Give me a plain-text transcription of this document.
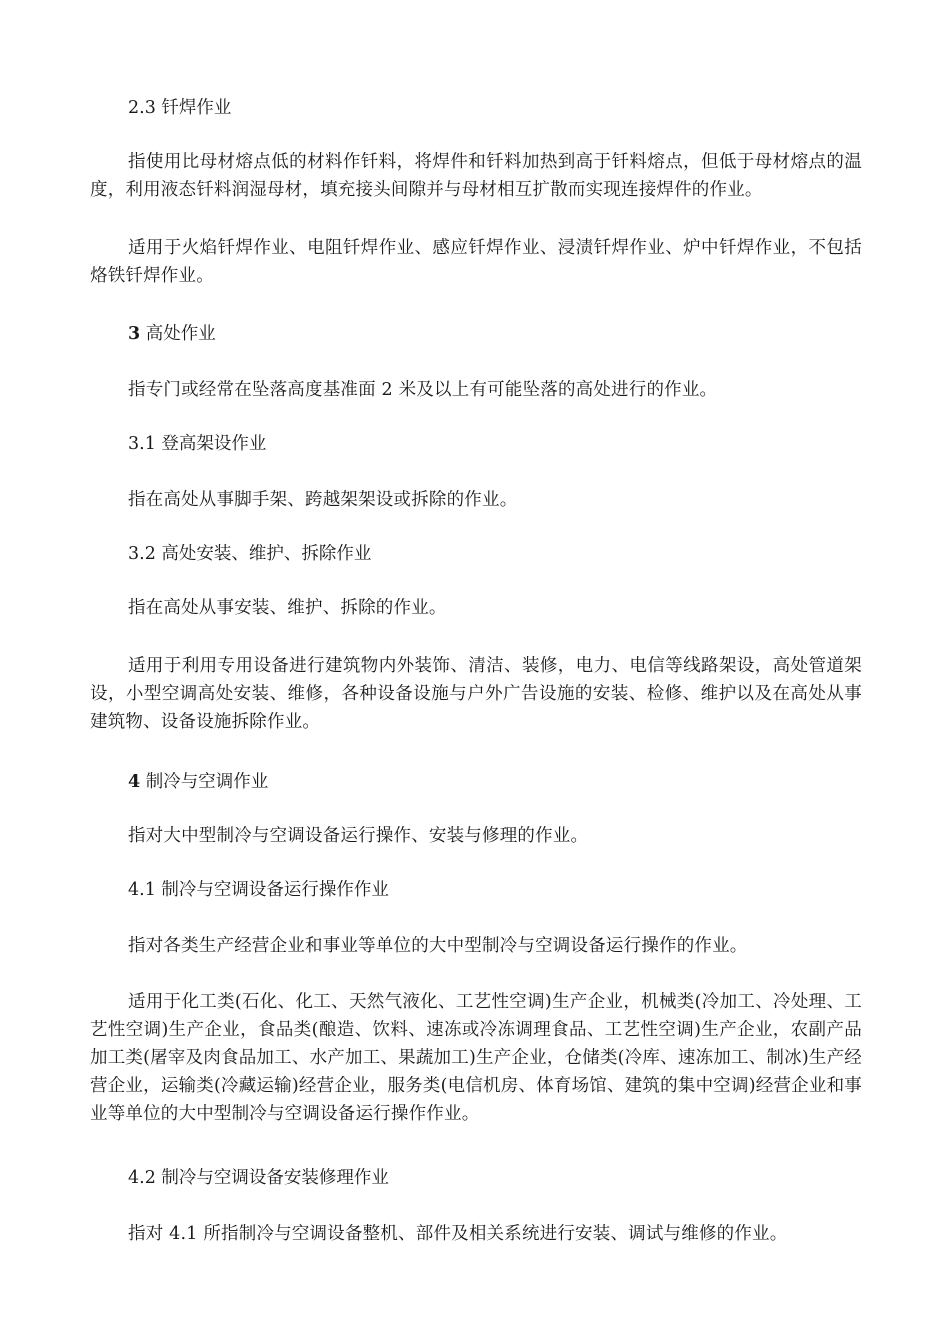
2.3 钎焊作业

指使用比母材熔点低的材料作钎料，将焊件和钎料加热到高于钎料熔点，但低于母材熔点的温度，利用液态钎料润湿母材，填充接头间隙并与母材相互扩散而实现连接焊件的作业。

适用于火焰钎焊作业、电阻钎焊作业、感应钎焊作业、浸渍钎焊作业、炉中钎焊作业，不包括烙铁钎焊作业。

3 高处作业

指专门或经常在坠落高度基准面 2 米及以上有可能坠落的高处进行的作业。

3.1 登高架设作业

指在高处从事脚手架、跨越架架设或拆除的作业。

3.2 高处安装、维护、拆除作业

指在高处从事安装、维护、拆除的作业。

适用于利用专用设备进行建筑物内外装饰、清洁、装修，电力、电信等线路架设，高处管道架设，小型空调高处安装、维修，各种设备设施与户外广告设施的安装、检修、维护以及在高处从事建筑物、设备设施拆除作业。

4 制冷与空调作业

指对大中型制冷与空调设备运行操作、安装与修理的作业。

4.1 制冷与空调设备运行操作作业

指对各类生产经营企业和事业等单位的大中型制冷与空调设备运行操作的作业。

适用于化工类(石化、化工、天然气液化、工艺性空调)生产企业，机械类(冷加工、冷处理、工艺性空调)生产企业，食品类(酿造、饮料、速冻或冷冻调理食品、工艺性空调)生产企业，农副产品加工类(屠宰及肉食品加工、水产加工、果蔬加工)生产企业，仓储类(冷库、速冻加工、制冰)生产经营企业，运输类(冷藏运输)经营企业，服务类(电信机房、体育场馆、建筑的集中空调)经营企业和事业等单位的大中型制冷与空调设备运行操作作业。

4.2 制冷与空调设备安装修理作业

指对 4.1 所指制冷与空调设备整机、部件及相关系统进行安装、调试与维修的作业。
